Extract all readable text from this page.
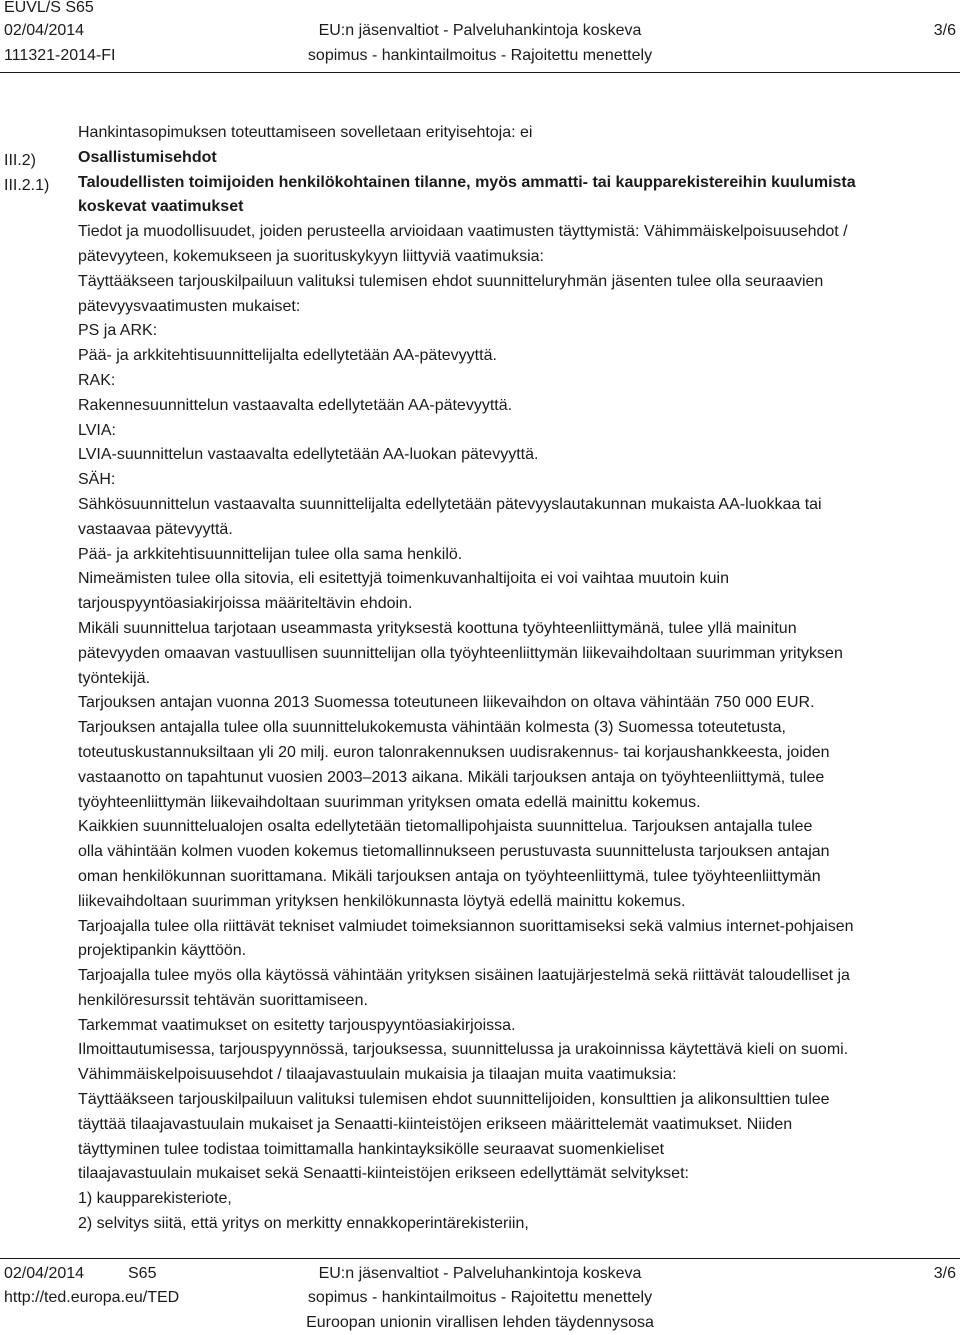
EUVL/S S65
02/04/2014
111321-2014-FI
EU:n jäsenvaltiot - Palveluhankintoja koskeva
sopimus - hankintailmoitus - Rajoitettu menettely
3/6
III.2)
III.2.1)

Hankintasopimuksen toteuttamiseen sovelletaan erityisehtoja: ei

Osallistumisehdot

Taloudellisten toimijoiden henkilökohtainen tilanne, myös ammatti- tai kaupparekistereihin kuulumista

koskevat vaatimukset

Tiedot ja muodollisuudet, joiden perusteella arvioidaan vaatimusten täyttymistä: Vähimmäiskelpoisuusehdot /

pätevyyteen, kokemukseen ja suorituskykyyn liittyviä vaatimuksia:

Täyttääkseen tarjouskilpailuun valituksi tulemisen ehdot suunnitteluryhmän jäsenten tulee olla seuraavien

pätevyysvaatimusten mukaiset:

PS ja ARK:

Pää- ja arkkitehtisuunnittelijalta edellytetään AA-pätevyyttä.

RAK:

Rakennesuunnittelun vastaavalta edellytetään AA-pätevyyttä.

LVIA:

LVIA-suunnittelun vastaavalta edellytetään AA-luokan pätevyyttä.

SÄH:

Sähkösuunnittelun vastaavalta suunnittelijalta edellytetään pätevyyslautakunnan mukaista AA-luokkaa tai

vastaavaa pätevyyttä.

Pää- ja arkkitehtisuunnittelijan tulee olla sama henkilö.

Nimeämisten tulee olla sitovia, eli esitettyjä toimenkuvanhaltijoita ei voi vaihtaa muutoin kuin

tarjouspyyntöasiakirjoissa määriteltävin ehdoin.

Mikäli suunnittelua tarjotaan useammasta yrityksestä koottuna työyhteenliittymänä, tulee yllä mainitun

pätevyyden omaavan vastuullisen suunnittelijan olla työyhteenliittymän liikevaihdoltaan suurimman yrityksen

työntekijä.

Tarjouksen antajan vuonna 2013 Suomessa toteutuneen liikevaihdon on oltava vähintään 750 000 EUR.

Tarjouksen antajalla tulee olla suunnittelukokemusta vähintään kolmesta (3) Suomessa toteutetusta,

toteutuskustannuksiltaan yli 20 milj. euron talonrakennuksen uudisrakennus- tai korjaushankkeesta, joiden

vastaanotto on tapahtunut vuosien 2003–2013 aikana. Mikäli tarjouksen antaja on työyhteenliittymä, tulee

työyhteenliittymän liikevaihdoltaan suurimman yrityksen omata edellä mainittu kokemus.

Kaikkien suunnittelualojen osalta edellytetään tietomallipohjaista suunnittelua. Tarjouksen antajalla tulee

olla vähintään kolmen vuoden kokemus tietomallinnukseen perustuvasta suunnittelusta tarjouksen antajan

oman henkilökunnan suorittamana. Mikäli tarjouksen antaja on työyhteenliittymä, tulee työyhteenliittymän

liikevaihdoltaan suurimman yrityksen henkilökunnasta löytyä edellä mainittu kokemus.

Tarjoajalla tulee olla riittävät tekniset valmiudet toimeksiannon suorittamiseksi sekä valmius internet-pohjaisen

projektipankin käyttöön.

Tarjoajalla tulee myös olla käytössä vähintään yrityksen sisäinen laatujärjestelmä sekä riittävät taloudelliset ja

henkilöresurssit tehtävän suorittamiseen.

Tarkemmat vaatimukset on esitetty tarjouspyyntöasiakirjoissa.

Ilmoittautumisessa, tarjouspyynnössä, tarjouksessa, suunnittelussa ja urakoinnissa käytettävä kieli on suomi.

Vähimmäiskelpoisuusehdot / tilaajavastuulain mukaisia ja tilaajan muita vaatimuksia:

Täyttääkseen tarjouskilpailuun valituksi tulemisen ehdot suunnittelijoiden, konsulttien ja alikonsulttien tulee

täyttää tilaajavastuulain mukaiset ja Senaatti-kiinteistöjen erikseen määrittelemät vaatimukset. Niiden

täyttyminen tulee todistaa toimittamalla hankintayksikölle seuraavat suomenkieliset

tilaajavastuulain mukaiset sekä Senaatti-kiinteistöjen erikseen edellyttämät selvitykset:

1) kaupparekisteriote,

2) selvitys siitä, että yritys on merkitty ennakkoperintärekisteriin,

02/04/2014	S65
http://ted.europa.eu/TED
EU:n jäsenvaltiot - Palveluhankintoja koskeva
sopimus - hankintailmoitus - Rajoitettu menettely
Euroopan unionin virallisen lehden täydennysosa
3/6
